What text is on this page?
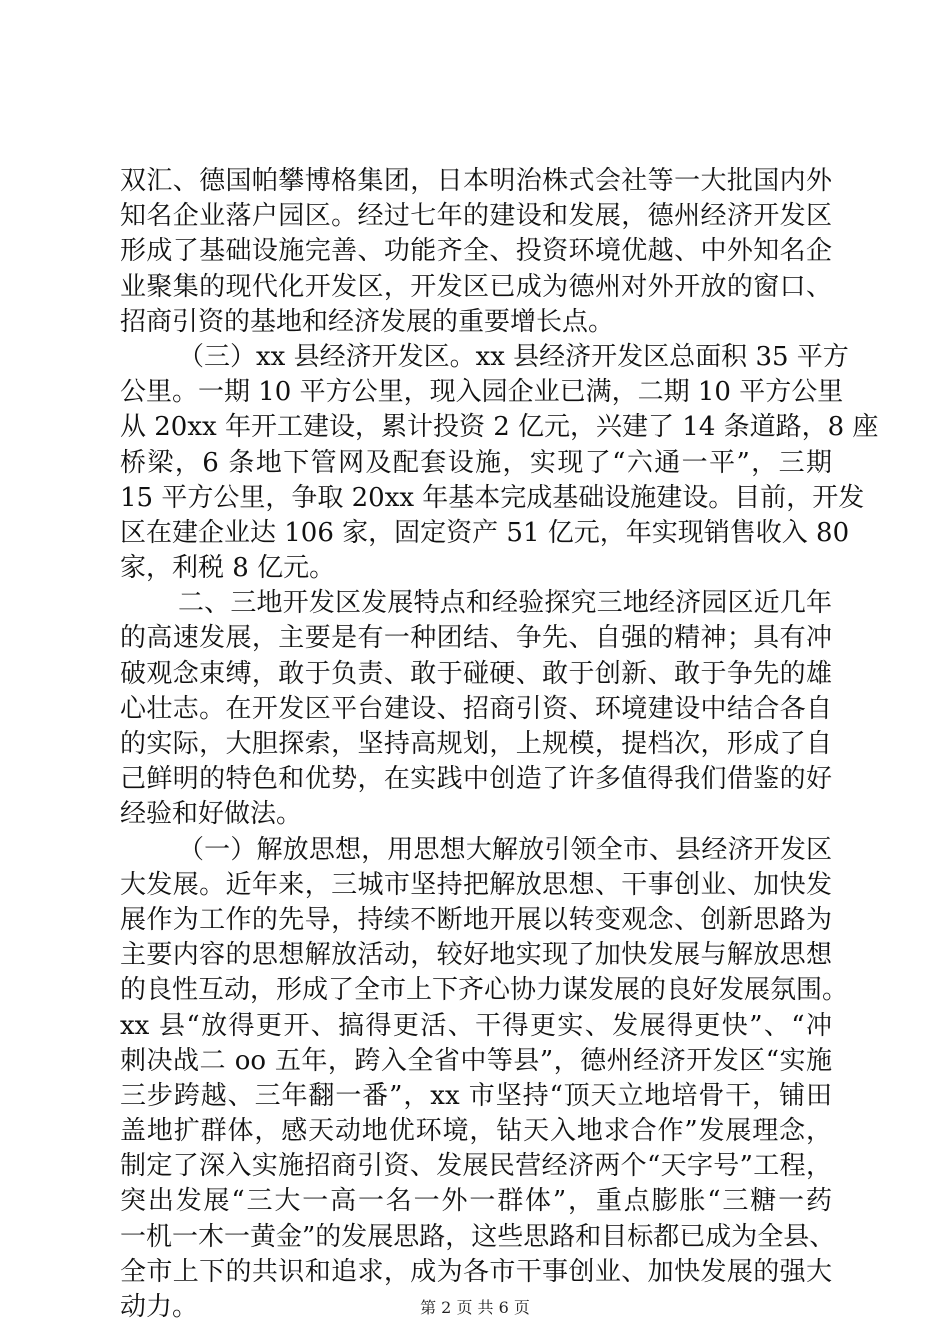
双汇、德国帕攀博格集团，日本明治株式会社等一大批国内外
知名企业落户园区。经过七年的建设和发展，德州经济开发区
形成了基础设施完善、功能齐全、投资环境优越、中外知名企
业聚集的现代化开发区，开发区已成为德州对外开放的窗口、
招商引资的基地和经济发展的重要增长点。
（三）xx 县经济开发区。xx 县经济开发区总面积 35 平方
公里。一期 10 平方公里，现入园企业已满，二期 10 平方公里
从 20xx 年开工建设，累计投资 2 亿元，兴建了 14 条道路，8 座
桥梁，6 条地下管网及配套设施，实现了“六通一平”，三期
15 平方公里，争取 20xx 年基本完成基础设施建设。目前，开发
区在建企业达 106 家，固定资产 51 亿元，年实现销售收入 80
家，利税 8 亿元。
二、三地开发区发展特点和经验探究三地经济园区近几年
的高速发展，主要是有一种团结、争先、自强的精神；具有冲
破观念束缚，敢于负责、敢于碰硬、敢于创新、敢于争先的雄
心壮志。在开发区平台建设、招商引资、环境建设中结合各自
的实际，大胆探索，坚持高规划，上规模，提档次，形成了自
己鲜明的特色和优势，在实践中创造了许多值得我们借鉴的好
经验和好做法。
（一）解放思想，用思想大解放引领全市、县经济开发区
大发展。近年来，三城市坚持把解放思想、干事创业、加快发
展作为工作的先导，持续不断地开展以转变观念、创新思路为
主要内容的思想解放活动，较好地实现了加快发展与解放思想
的良性互动，形成了全市上下齐心协力谋发展的良好发展氛围。
xx 县“放得更开、搞得更活、干得更实、发展得更快”、“冲
刺决战二 oo 五年，跨入全省中等县”，德州经济开发区“实施
三步跨越、三年翻一番”，xx 市坚持“顶天立地培骨干，铺田
盖地扩群体，感天动地优环境，钻天入地求合作”发展理念，
制定了深入实施招商引资、发展民营经济两个“天字号”工程，
突出发展“三大一高一名一外一群体”，重点膨胀“三糖一药
一机一木一黄金”的发展思路，这些思路和目标都已成为全县、
全市上下的共识和追求，成为各市干事创业、加快发展的强大
动力。	第 2 页 共 6 页
